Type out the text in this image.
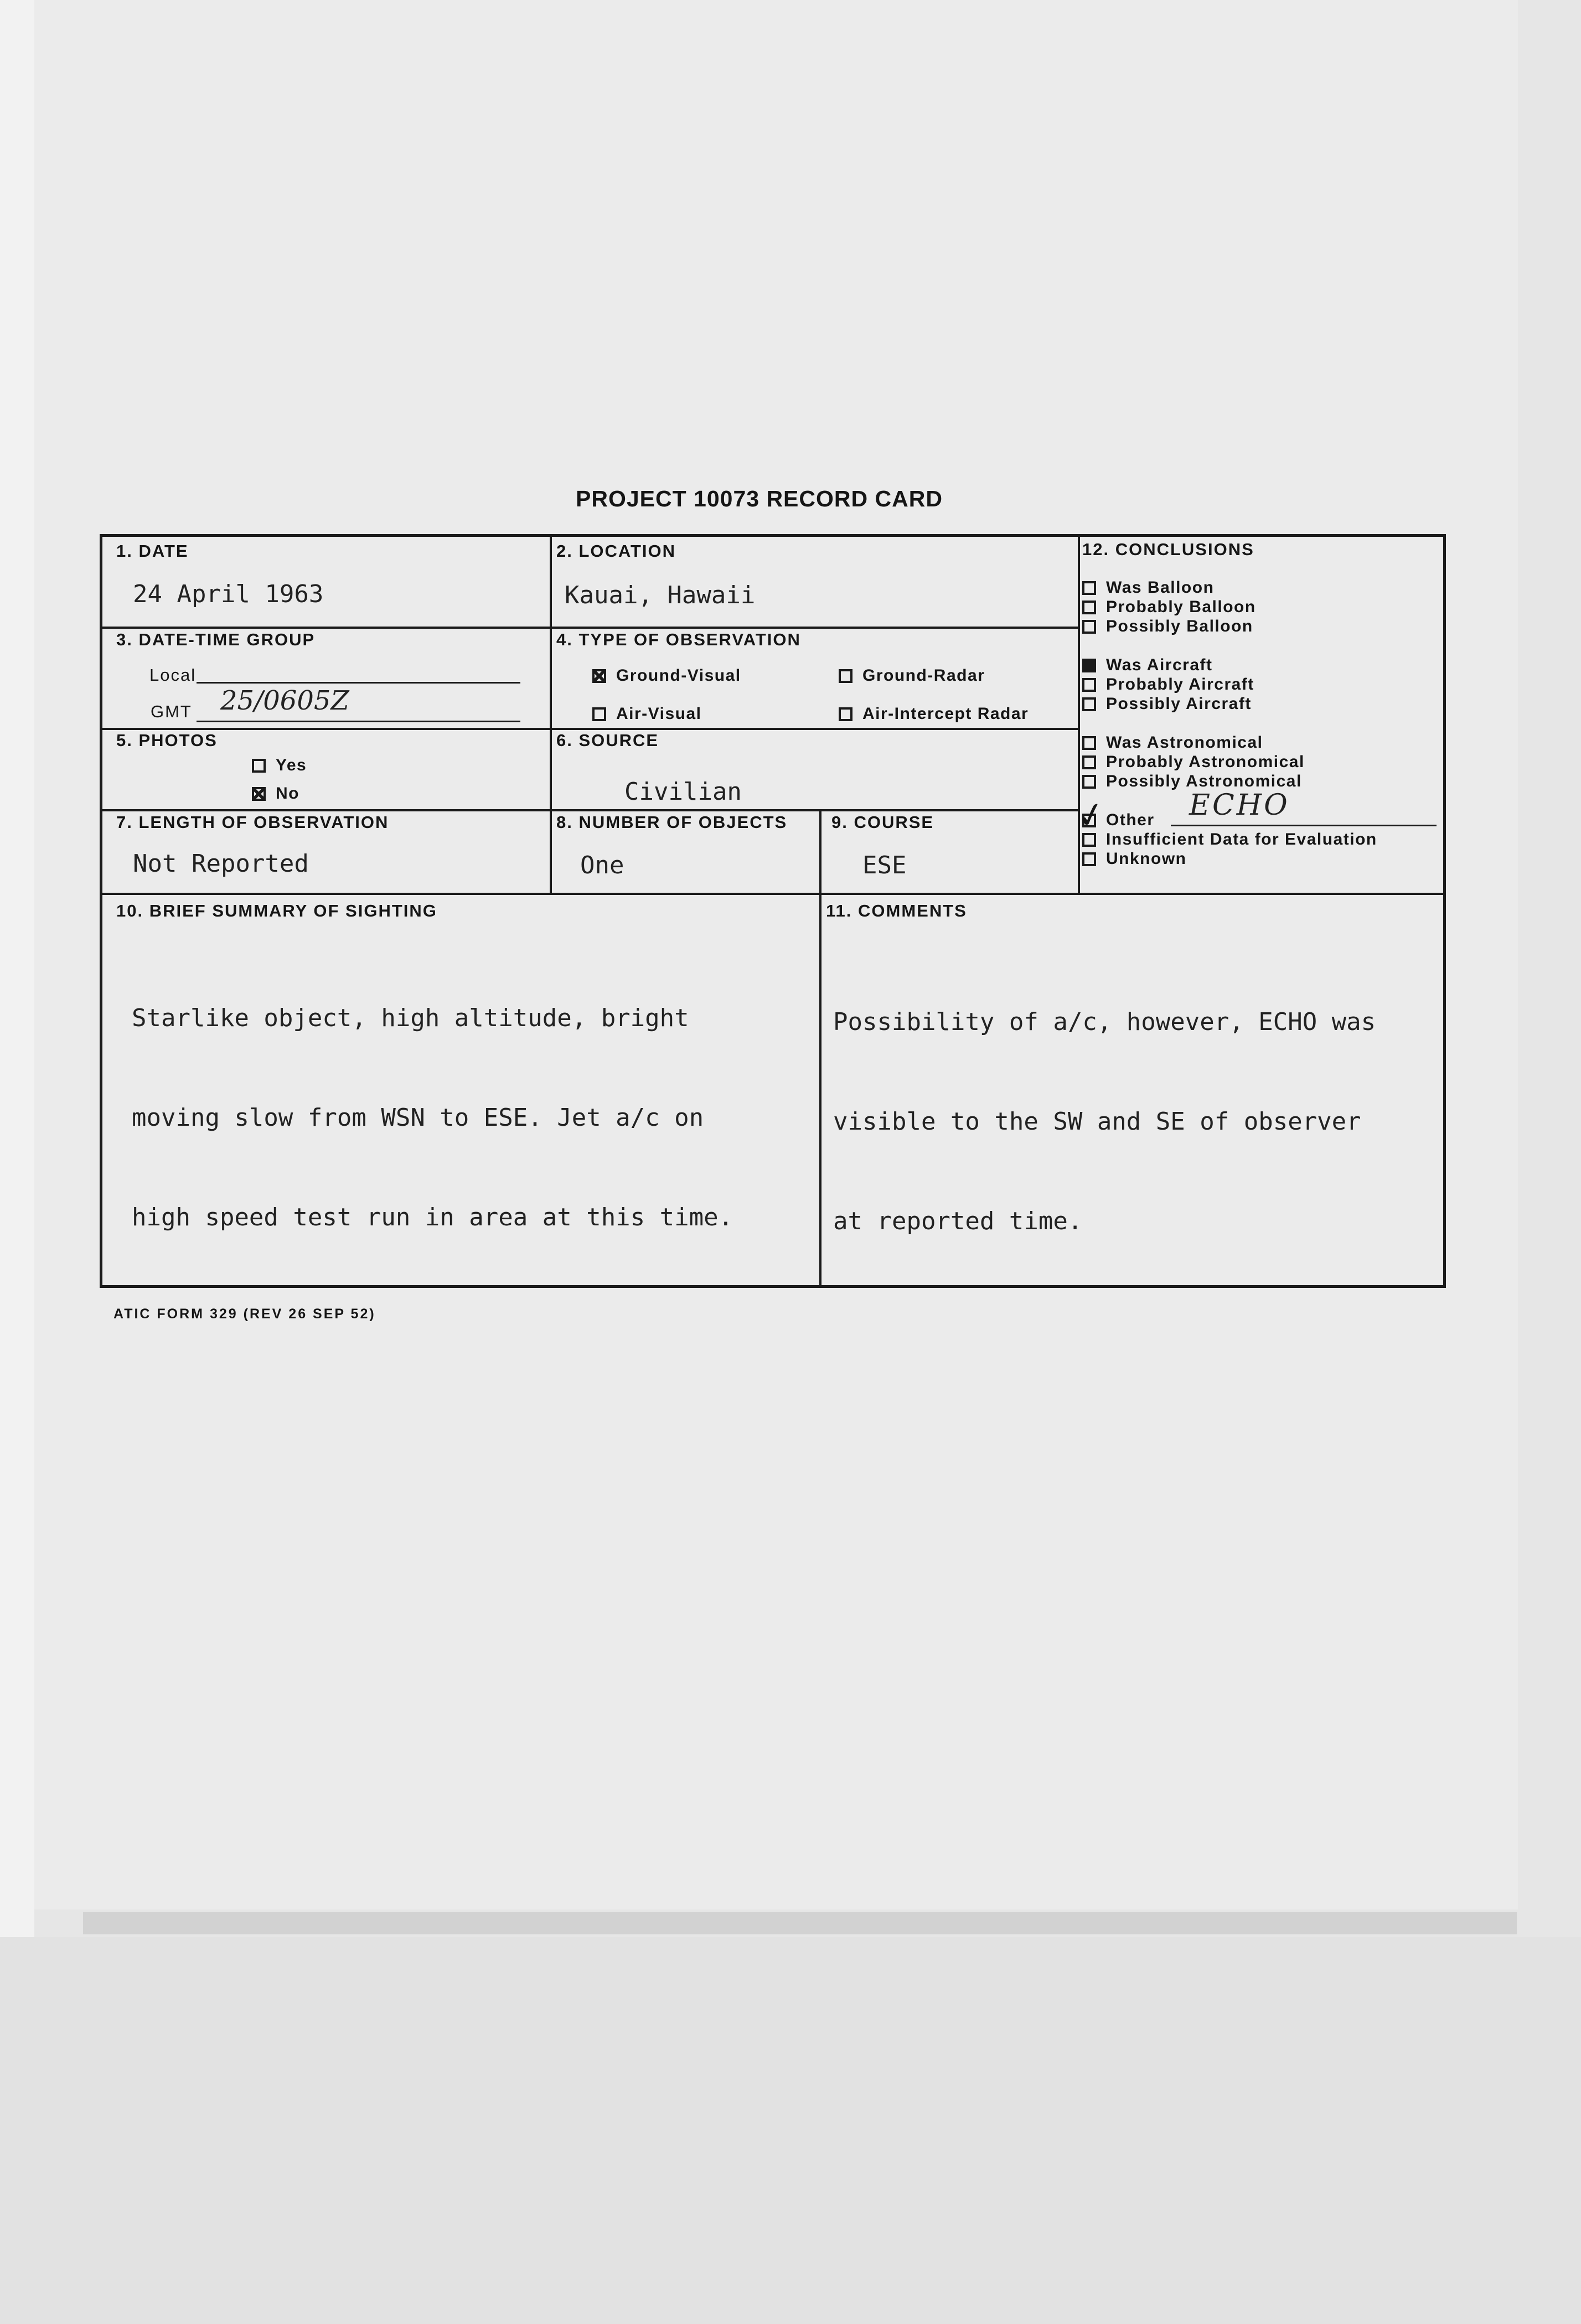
PROJECT 10073 RECORD CARD
1. DATE
24 April 1963
2. LOCATION
Kauai, Hawaii
3. DATE-TIME GROUP
Local
GMT 25/0605Z
4. TYPE OF OBSERVATION
Ground-Visual	Ground-Radar
Air-Visual	Air-Intercept Radar
5. PHOTOS
Yes
No
6. SOURCE
Civilian
7. LENGTH OF OBSERVATION
Not Reported
8. NUMBER OF OBJECTS
One
9. COURSE
ESE
10. BRIEF SUMMARY OF SIGHTING

Starlike object, high altitude, bright

moving slow from WSN to ESE. Jet a/c on

high speed test run in area at this time.

11. COMMENTS

Possibility of a/c, however, ECHO was

visible to the SW and SE of observer

at reported time.

12. CONCLUSIONS
Was Balloon
Probably Balloon
Possibly Balloon
Was Aircraft
Probably Aircraft
Possibly Aircraft
Was Astronomical
Probably Astronomical
Possibly Astronomical
✓
Other ECHO
Insufficient Data for Evaluation
Unknown
ATIC FORM 329 (REV 26 SEP 52)
